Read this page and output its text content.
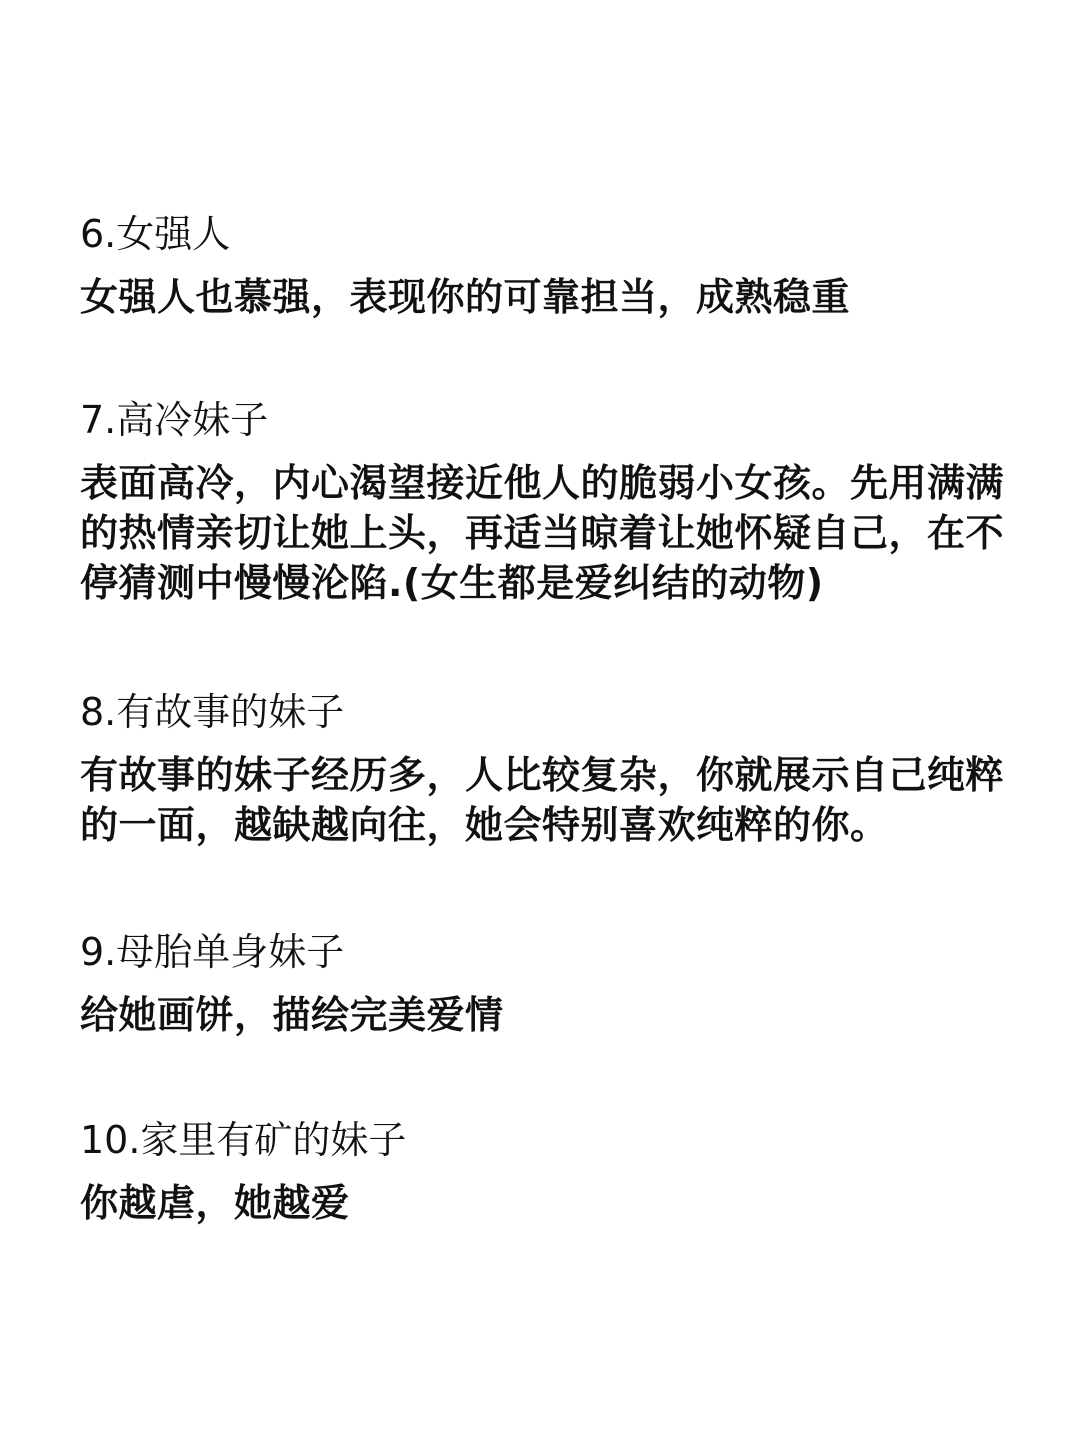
6.女强人

女强人也慕强，表现你的可靠担当，成熟稳重

7.高冷妹子

表面高冷，内心渴望接近他人的脆弱小女孩。先用满满

的热情亲切让她上头，再适当晾着让她怀疑自己，在不

停猜测中慢慢沦陷.(女生都是爱纠结的动物)

8.有故事的妹子

有故事的妹子经历多，人比较复杂，你就展示自己纯粹

的一面，越缺越向往，她会特别喜欢纯粹的你。

9.母胎单身妹子

给她画饼，描绘完美爱情

10.家里有矿的妹子

你越虐，她越爱
